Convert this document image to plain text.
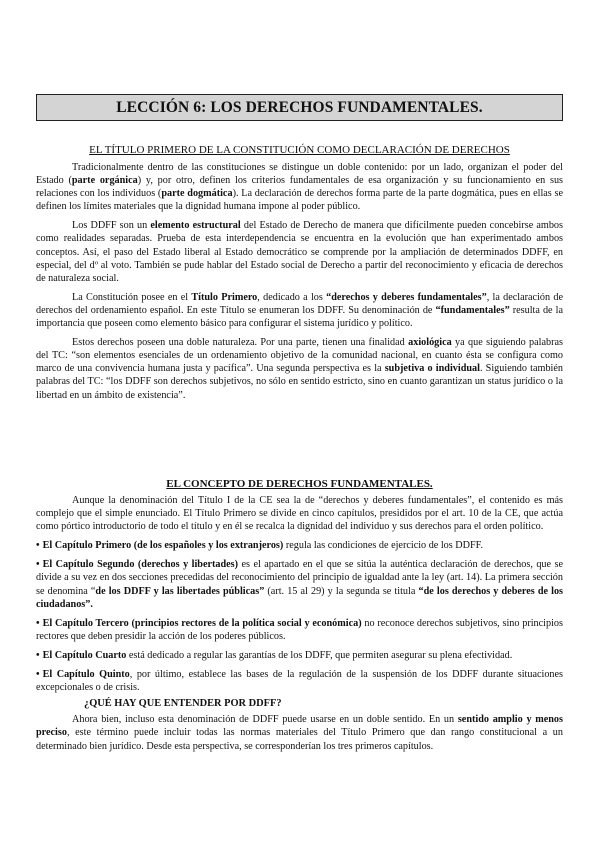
LECCIÓN 6: LOS DERECHOS FUNDAMENTALES.
EL TÍTULO PRIMERO DE LA CONSTITUCIÓN COMO DECLARACIÓN DE DERECHOS

Tradicionalmente dentro de las constituciones se distingue un doble contenido: por un lado, organizan el poder del Estado (parte orgánica) y, por otro, definen los criterios fundamentales de esa organización y su funcionamiento en sus relaciones con los individuos (parte dogmática). La declaración de derechos forma parte de la parte dogmática, pues en ellas se definen los límites materiales que la dignidad humana impone al poder público.

Los DDFF son un elemento estructural del Estado de Derecho de manera que difícilmente pueden concebirse ambos como realidades separadas. Prueba de esta interdependencia se encuentra en la evolución que han experimentado ambos conceptos. Así, el paso del Estado liberal al Estado democrático se comprende por la ampliación de determinados DDFF, en especial, del dº al voto. También se pude hablar del Estado social de Derecho a partir del reconocimiento y eficacia de derechos de naturaleza social.

La Constitución posee en el Título Primero, dedicado a los “derechos y deberes fundamentales”, la declaración de derechos del ordenamiento español. En este Título se enumeran los DDFF. Su denominación de “fundamentales” resulta de la importancia que poseen como elemento básico para configurar el sistema jurídico y político.

Estos derechos poseen una doble naturaleza. Por una parte, tienen una finalidad axiológica ya que siguiendo palabras del TC: “son elementos esenciales de un ordenamiento objetivo de la comunidad nacional, en cuanto ésta se configura como marco de una convivencia humana justa y pacífica”. Una segunda perspectiva es la subjetiva o individual. Siguiendo también palabras del TC: “los DDFF son derechos subjetivos, no sólo en sentido estricto, sino en cuanto garantizan un status jurídico o la libertad en un ámbito de existencia”.

EL CONCEPTO DE DERECHOS FUNDAMENTALES.

Aunque la denominación del Título I de la CE sea la de “derechos y deberes fundamentales”, el contenido es más complejo que el simple enunciado. El Título Primero se divide en cinco capítulos, presididos por el art. 10 de la CE, que actúa como pórtico introductorio de todo el título y en él se recalca la dignidad del individuo y sus derechos para el orden político.

• El Capítulo Primero (de los españoles y los extranjeros) regula las condiciones de ejercicio de los DDFF.

• El Capítulo Segundo (derechos y libertades) es el apartado en el que se sitúa la auténtica declaración de derechos, que se divide a su vez en dos secciones precedidas del reconocimiento del principio de igualdad ante la ley (art. 14). La primera sección se denomina “de los DDFF y las libertades públicas” (art. 15 al 29) y la segunda se titula “de los derechos y deberes de los ciudadanos”.

• El Capítulo Tercero (principios rectores de la política social y económica) no reconoce derechos subjetivos, sino principios rectores que deben presidir la acción de los poderes públicos.

• El Capítulo Cuarto está dedicado a regular las garantías de los DDFF, que permiten asegurar su plena efectividad.

• El Capítulo Quinto, por último, establece las bases de la regulación de la suspensión de los DDFF durante situaciones excepcionales o de crisis.

¿QUÉ HAY QUE ENTENDER POR DDFF?

Ahora bien, incluso esta denominación de DDFF puede usarse en un doble sentido. En un sentido amplio y menos preciso, este término puede incluir todas las normas materiales del Título Primero que dan rango constitucional a un determinado bien jurídico. Desde esta perspectiva, se corresponderían los tres primeros capítulos.
